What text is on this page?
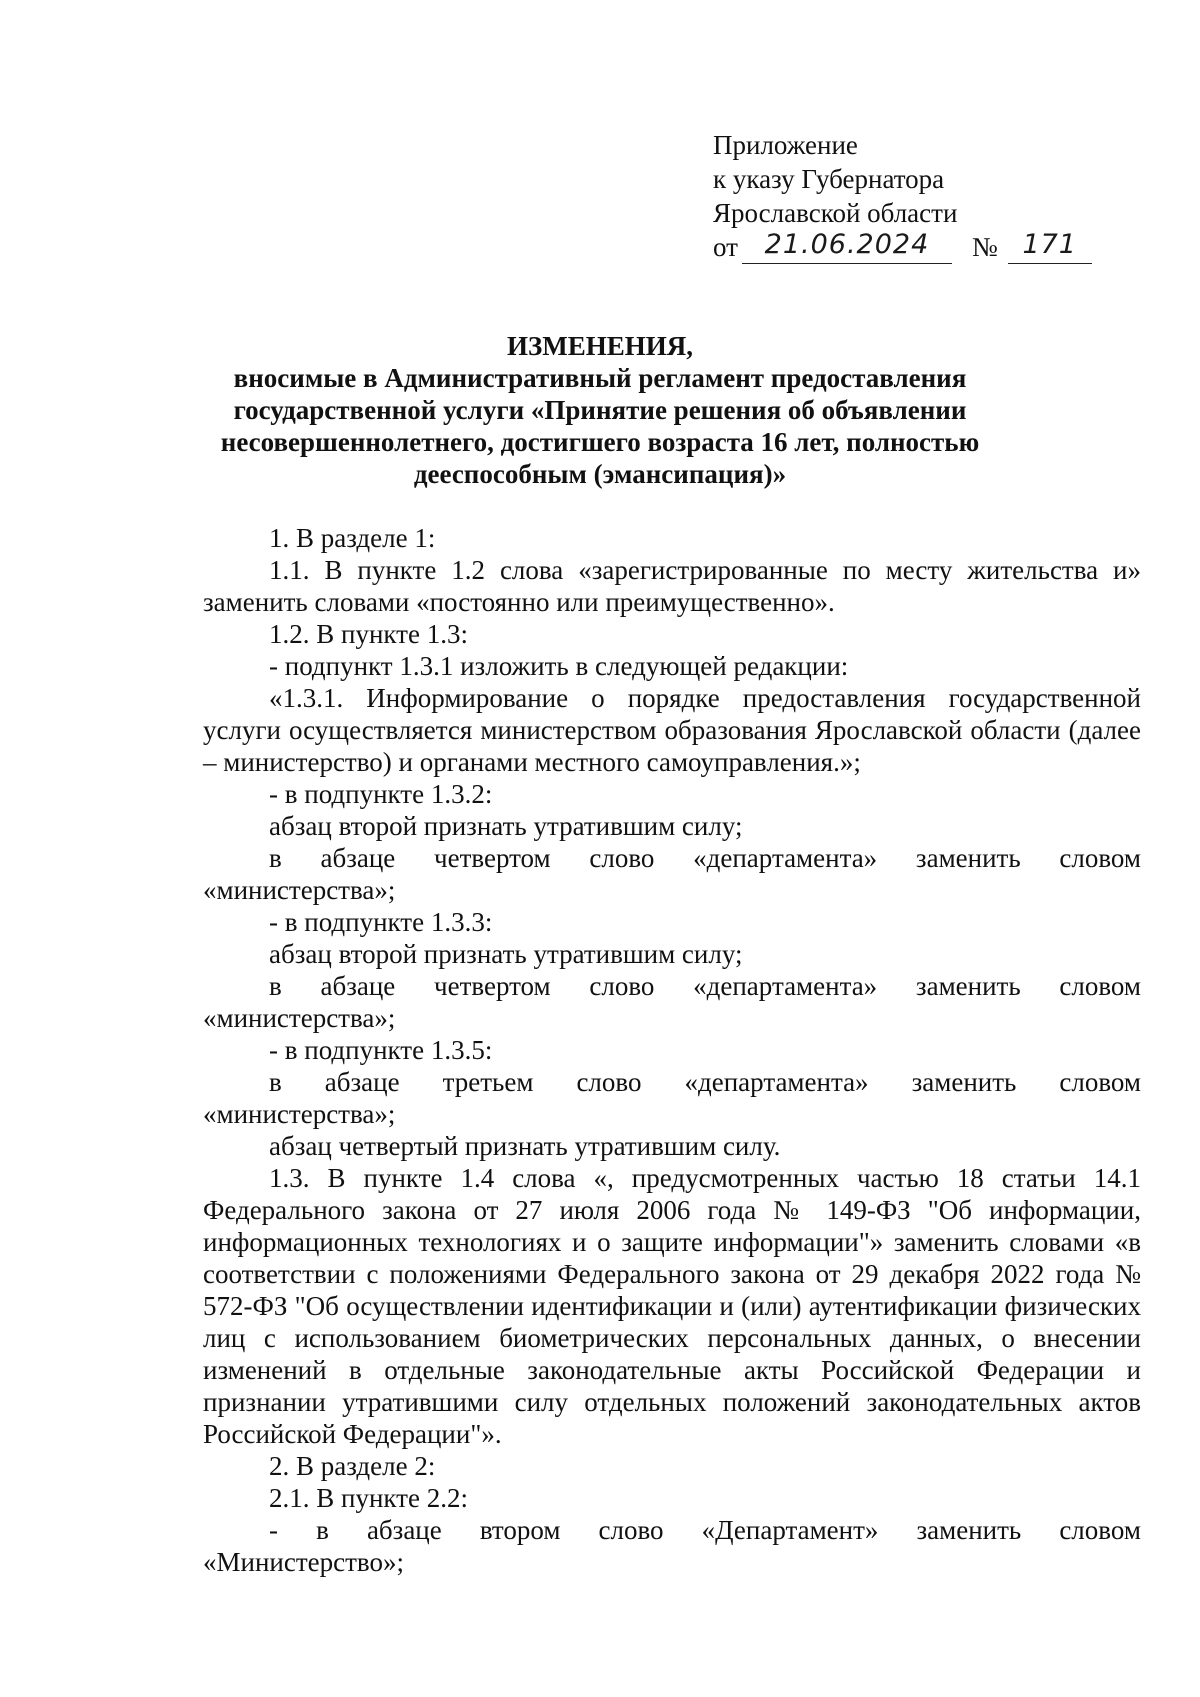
Приложение
к указу Губернатора
Ярославской области
от 21.06.2024	№ 171
ИЗМЕНЕНИЯ,
вносимые в Административный регламент предоставления
государственной услуги «Принятие решения об объявлении
несовершеннолетнего, достигшего возраста 16 лет, полностью
дееспособным (эмансипация)»

1. В разделе 1:

1.1. В пункте 1.2 слова «зарегистрированные по месту жительства и» заменить словами «постоянно или преимущественно».

1.2. В пункте 1.3:

- подпункт 1.3.1 изложить в следующей редакции:

«1.3.1. Информирование о порядке предоставления государственной услуги осуществляется министерством образования Ярославской области (далее – министерство) и органами местного самоуправления.»;

- в подпункте 1.3.2:

абзац второй признать утратившим силу;

в абзаце четвертом слово «департамента» заменить словом

«министерства»;

- в подпункте 1.3.3:

абзац второй признать утратившим силу;

в абзаце четвертом слово «департамента» заменить словом

«министерства»;

- в подпункте 1.3.5:

в абзаце третьем слово «департамента» заменить словом

«министерства»;

абзац четвертый признать утратившим силу.

1.3. В пункте 1.4 слова «, предусмотренных частью 18 статьи 14.1 Федерального закона от 27 июля 2006 года № 149-ФЗ "Об информации, информационных технологиях и о защите информации"» заменить словами «в соответствии с положениями Федерального закона от 29 декабря 2022 года № 572-ФЗ "Об осуществлении идентификации и (или) аутентификации физических лиц с использованием биометрических персональных данных, о внесении изменений в отдельные законодательные акты Российской Федерации и признании утратившими силу отдельных положений законодательных актов Российской Федерации"».

2. В разделе 2:

2.1. В пункте 2.2:

- в абзаце втором слово «Департамент» заменить словом

«Министерство»;
